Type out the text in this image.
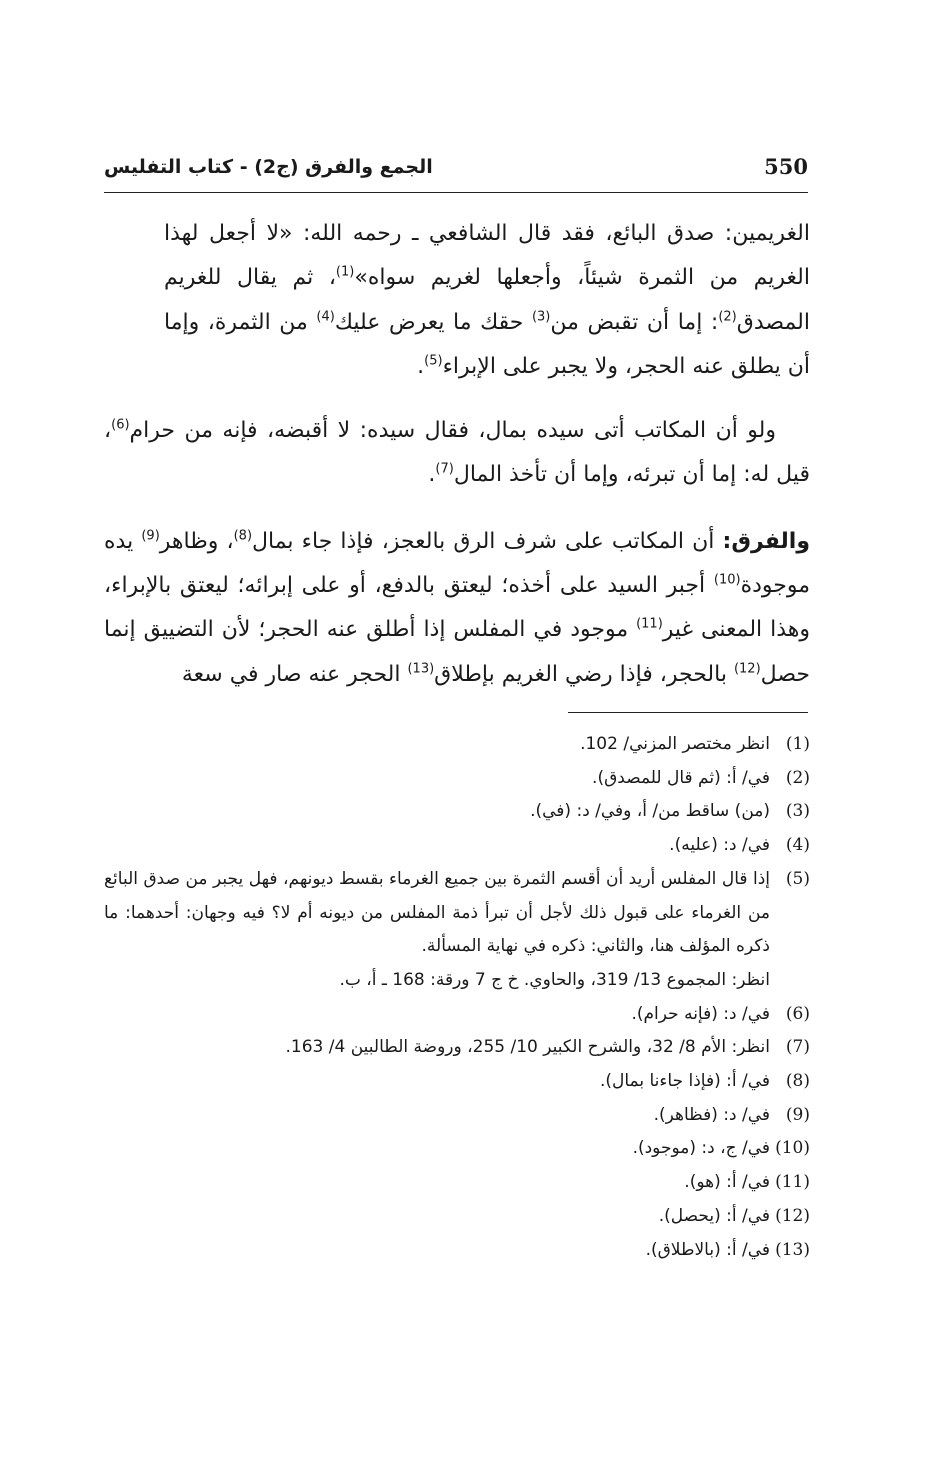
550
الجمع والفرق (ج2) - كتاب التفليس

الغريمين: صدق البائع، فقد قال الشافعي ـ رحمه الله: «لا أجعل لهذا الغريم من الثمرة شيئاً، وأجعلها لغريم سواه»$^{(1)}$، ثم يقال للغريم المصدق$^{(2)}$: إما أن تقبض من$^{(3)}$ حقك ما يعرض عليك$^{(4)}$ من الثمرة، وإما أن يطلق عنه الحجر، ولا يجبر على الإبراء$^{(5)}$.

ولو أن المكاتب أتى سيده بمال، فقال سيده: لا أقبضه، فإنه من حرام$^{(6)}$، قيل له: إما أن تبرئه، وإما أن تأخذ المال$^{(7)}$.

والفرق: أن المكاتب على شرف الرق بالعجز، فإذا جاء بمال$^{(8)}$، وظاهر$^{(9)}$ يده موجودة$^{(10)}$ أجبر السيد على أخذه؛ ليعتق بالدفع، أو على إبرائه؛ ليعتق بالإبراء، وهذا المعنى غير$^{(11)}$ موجود في المفلس إذا أطلق عنه الحجر؛ لأن التضييق إنما حصل$^{(12)}$ بالحجر، فإذا رضي الغريم بإطلاق$^{(13)}$ الحجر عنه صار في سعة

(1)
انظر مختصر المزني/ 102.
(2)
في/ أ: (ثم قال للمصدق).
(3)
(من) ساقط من/ أ، وفي/ د: (في).
(4)
في/ د: (عليه).
(5)
إذا قال المفلس أريد أن أقسم الثمرة بين جميع الغرماء بقسط ديونهم، فهل يجبر من صدق البائع من الغرماء على قبول ذلك لأجل أن تبرأ ذمة المفلس من ديونه أم لا؟ فيه وجهان: أحدهما: ما ذكره المؤلف هنا، والثاني: ذكره في نهاية المسألة.
انظر: المجموع 13/ 319، والحاوي. خ ج 7 ورقة: 168 ـ أ، ب.
(6)
في/ د: (فإنه حرام).
(7)
انظر: الأم 8/ 32، والشرح الكبير 10/ 255، وروضة الطالبين 4/ 163.
(8)
في/ أ: (فإذا جاءنا بمال).
(9)
في/ د: (فظاهر).
(10)
في/ ج، د: (موجود).
(11)
في/ أ: (هو).
(12)
في/ أ: (يحصل).
(13)
في/ أ: (بالاطلاق).
